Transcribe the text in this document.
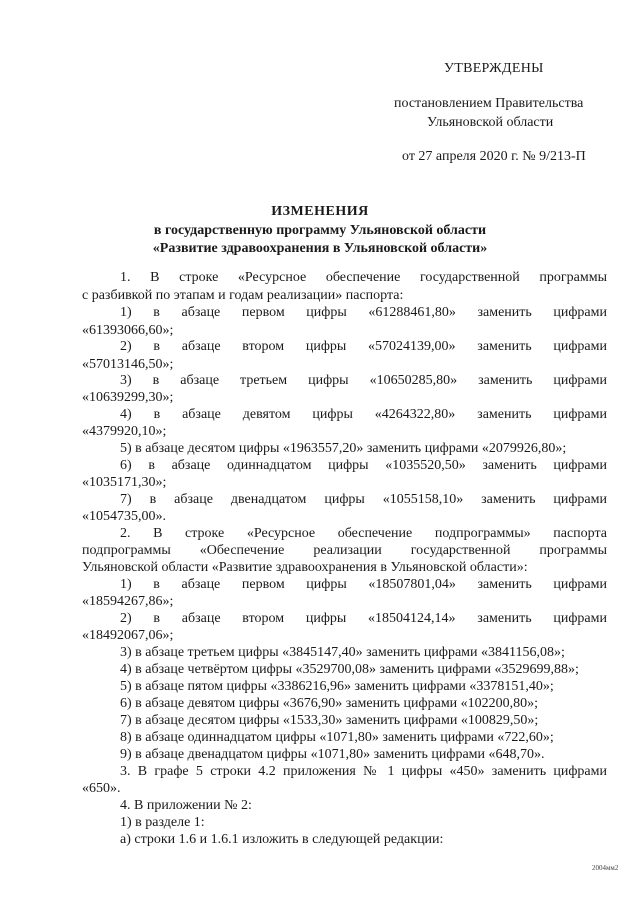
УТВЕРЖДЕНЫ
постановлением Правительства
Ульяновской области
от 27 апреля 2020 г. № 9/213-П
ИЗМЕНЕНИЯ
в государственную программу Ульяновской области
«Развитие здравоохранения в Ульяновской области»
1. В строке «Ресурсное обеспечение государственной программы
с разбивкой по этапам и годам реализации» паспорта:
1) в абзаце первом цифры «61288461,80» заменить цифрами
«61393066,60»;
2) в абзаце втором цифры «57024139,00» заменить цифрами
«57013146,50»;
3) в абзаце третьем цифры «10650285,80» заменить цифрами
«10639299,30»;
4) в абзаце девятом цифры «4264322,80» заменить цифрами
«4379920,10»;
5) в абзаце десятом цифры «1963557,20» заменить цифрами «2079926,80»;
6) в абзаце одиннадцатом цифры «1035520,50» заменить цифрами
«1035171,30»;
7) в абзаце двенадцатом цифры «1055158,10» заменить цифрами
«1054735,00».
2. В строке «Ресурсное обеспечение подпрограммы» паспорта
подпрограммы «Обеспечение реализации государственной программы
Ульяновской области «Развитие здравоохранения в Ульяновской области»:
1) в абзаце первом цифры «18507801,04» заменить цифрами
«18594267,86»;
2) в абзаце втором цифры «18504124,14» заменить цифрами
«18492067,06»;
3) в абзаце третьем цифры «3845147,40» заменить цифрами «3841156,08»;
4) в абзаце четвёртом цифры «3529700,08» заменить цифрами «3529699,88»;
5) в абзаце пятом цифры «3386216,96» заменить цифрами «3378151,40»;
6) в абзаце девятом цифры «3676,90» заменить цифрами «102200,80»;
7) в абзаце десятом цифры «1533,30» заменить цифрами «100829,50»;
8) в абзаце одиннадцатом цифры «1071,80» заменить цифрами «722,60»;
9) в абзаце двенадцатом цифры «1071,80» заменить цифрами «648,70».
3. В графе 5 строки 4.2 приложения № 1 цифры «450» заменить цифрами
«650».
4. В приложении № 2:
1) в разделе 1:
а) строки 1.6 и 1.6.1 изложить в следующей редакции:
2004мм2
